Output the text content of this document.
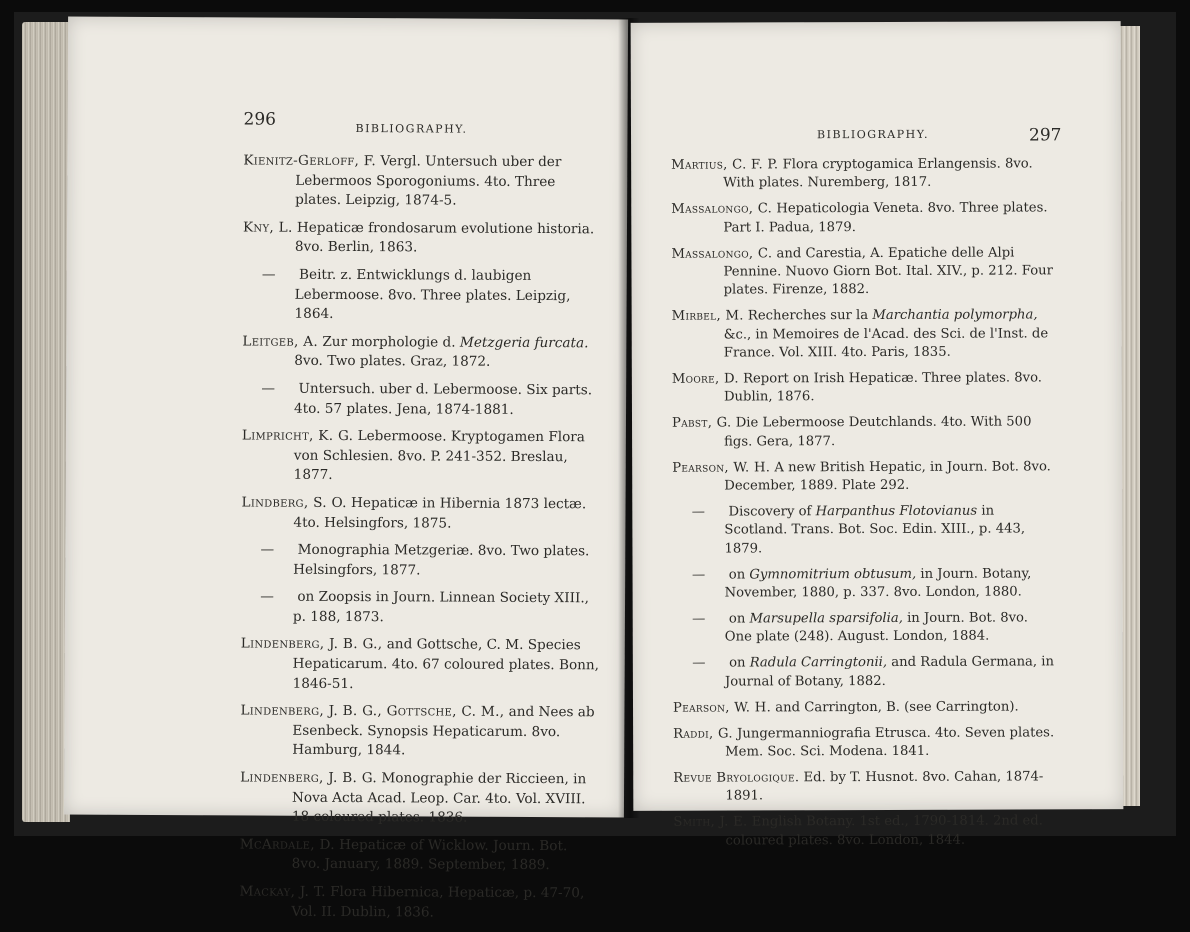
296	BIBLIOGRAPHY.
Kienitz-Gerloff, F. Vergl. Untersuch uber der Lebermoos Sporogoniums. 4to. Three plates. Leipzig, 1874-5.
Kny, L. Hepaticæ frondosarum evolutione historia. 8vo. Berlin, 1863.
— Beitr. z. Entwicklungs d. laubigen Lebermoose. 8vo. Three plates. Leipzig, 1864.
Leitgeb, A. Zur morphologie d. Metzgeria furcata. 8vo. Two plates. Graz, 1872.
— Untersuch. uber d. Lebermoose. Six parts. 4to. 57 plates. Jena, 1874-1881.
Limpricht, K. G. Lebermoose. Kryptogamen Flora von Schlesien. 8vo. P. 241-352. Breslau, 1877.
Lindberg, S. O. Hepaticæ in Hibernia 1873 lectæ. 4to. Helsingfors, 1875.
— Monographia Metzgeriæ. 8vo. Two plates. Helsingfors, 1877.
— on Zoopsis in Journ. Linnean Society XIII., p. 188, 1873.
Lindenberg, J. B. G., and Gottsche, C. M. Species Hepaticarum. 4to. 67 coloured plates. Bonn, 1846-51.
Lindenberg, J. B. G., Gottsche, C. M., and Nees ab Esenbeck. Synopsis Hepaticarum. 8vo. Hamburg, 1844.
Lindenberg, J. B. G. Monographie der Riccieen, in Nova Acta Acad. Leop. Car. 4to. Vol. XVIII. 18 coloured plates. 1836.
McArdale, D. Hepaticæ of Wicklow. Journ. Bot. 8vo. January, 1889. September, 1889.
Mackay, J. T. Flora Hibernica, Hepaticæ, p. 47-70, Vol. II. Dublin, 1836.
297
BIBLIOGRAPHY.
Martius, C. F. P. Flora cryptogamica Erlangensis. 8vo. With plates. Nuremberg, 1817.
Massalongo, C. Hepaticologia Veneta. 8vo. Three plates. Part I. Padua, 1879.
Massalongo, C. and Carestia, A. Epatiche delle Alpi Pennine. Nuovo Giorn Bot. Ital. XIV., p. 212. Four plates. Firenze, 1882.
Mirbel, M. Recherches sur la Marchantia polymorpha, &c., in Memoires de l'Acad. des Sci. de l'Inst. de France. Vol. XIII. 4to. Paris, 1835.
Moore, D. Report on Irish Hepaticæ. Three plates. 8vo. Dublin, 1876.
Pabst, G. Die Lebermoose Deutchlands. 4to. With 500 figs. Gera, 1877.
Pearson, W. H. A new British Hepatic, in Journ. Bot. 8vo. December, 1889. Plate 292.
— Discovery of Harpanthus Flotovianus in Scotland. Trans. Bot. Soc. Edin. XIII., p. 443, 1879.
— on Gymnomitrium obtusum, in Journ. Botany, November, 1880, p. 337. 8vo. London, 1880.
— on Marsupella sparsifolia, in Journ. Bot. 8vo. One plate (248). August. London, 1884.
— on Radula Carringtonii, and Radula Germana, in Journal of Botany, 1882.
Pearson, W. H. and Carrington, B. (see Carrington).
Raddi, G. Jungermanniografia Etrusca. 4to. Seven plates. Mem. Soc. Sci. Modena. 1841.
Revue Bryologique. Ed. by T. Husnot. 8vo. Cahan, 1874-1891.
Smith, J. E. English Botany. 1st ed., 1790-1814. 2nd ed. coloured plates. 8vo. London, 1844.
